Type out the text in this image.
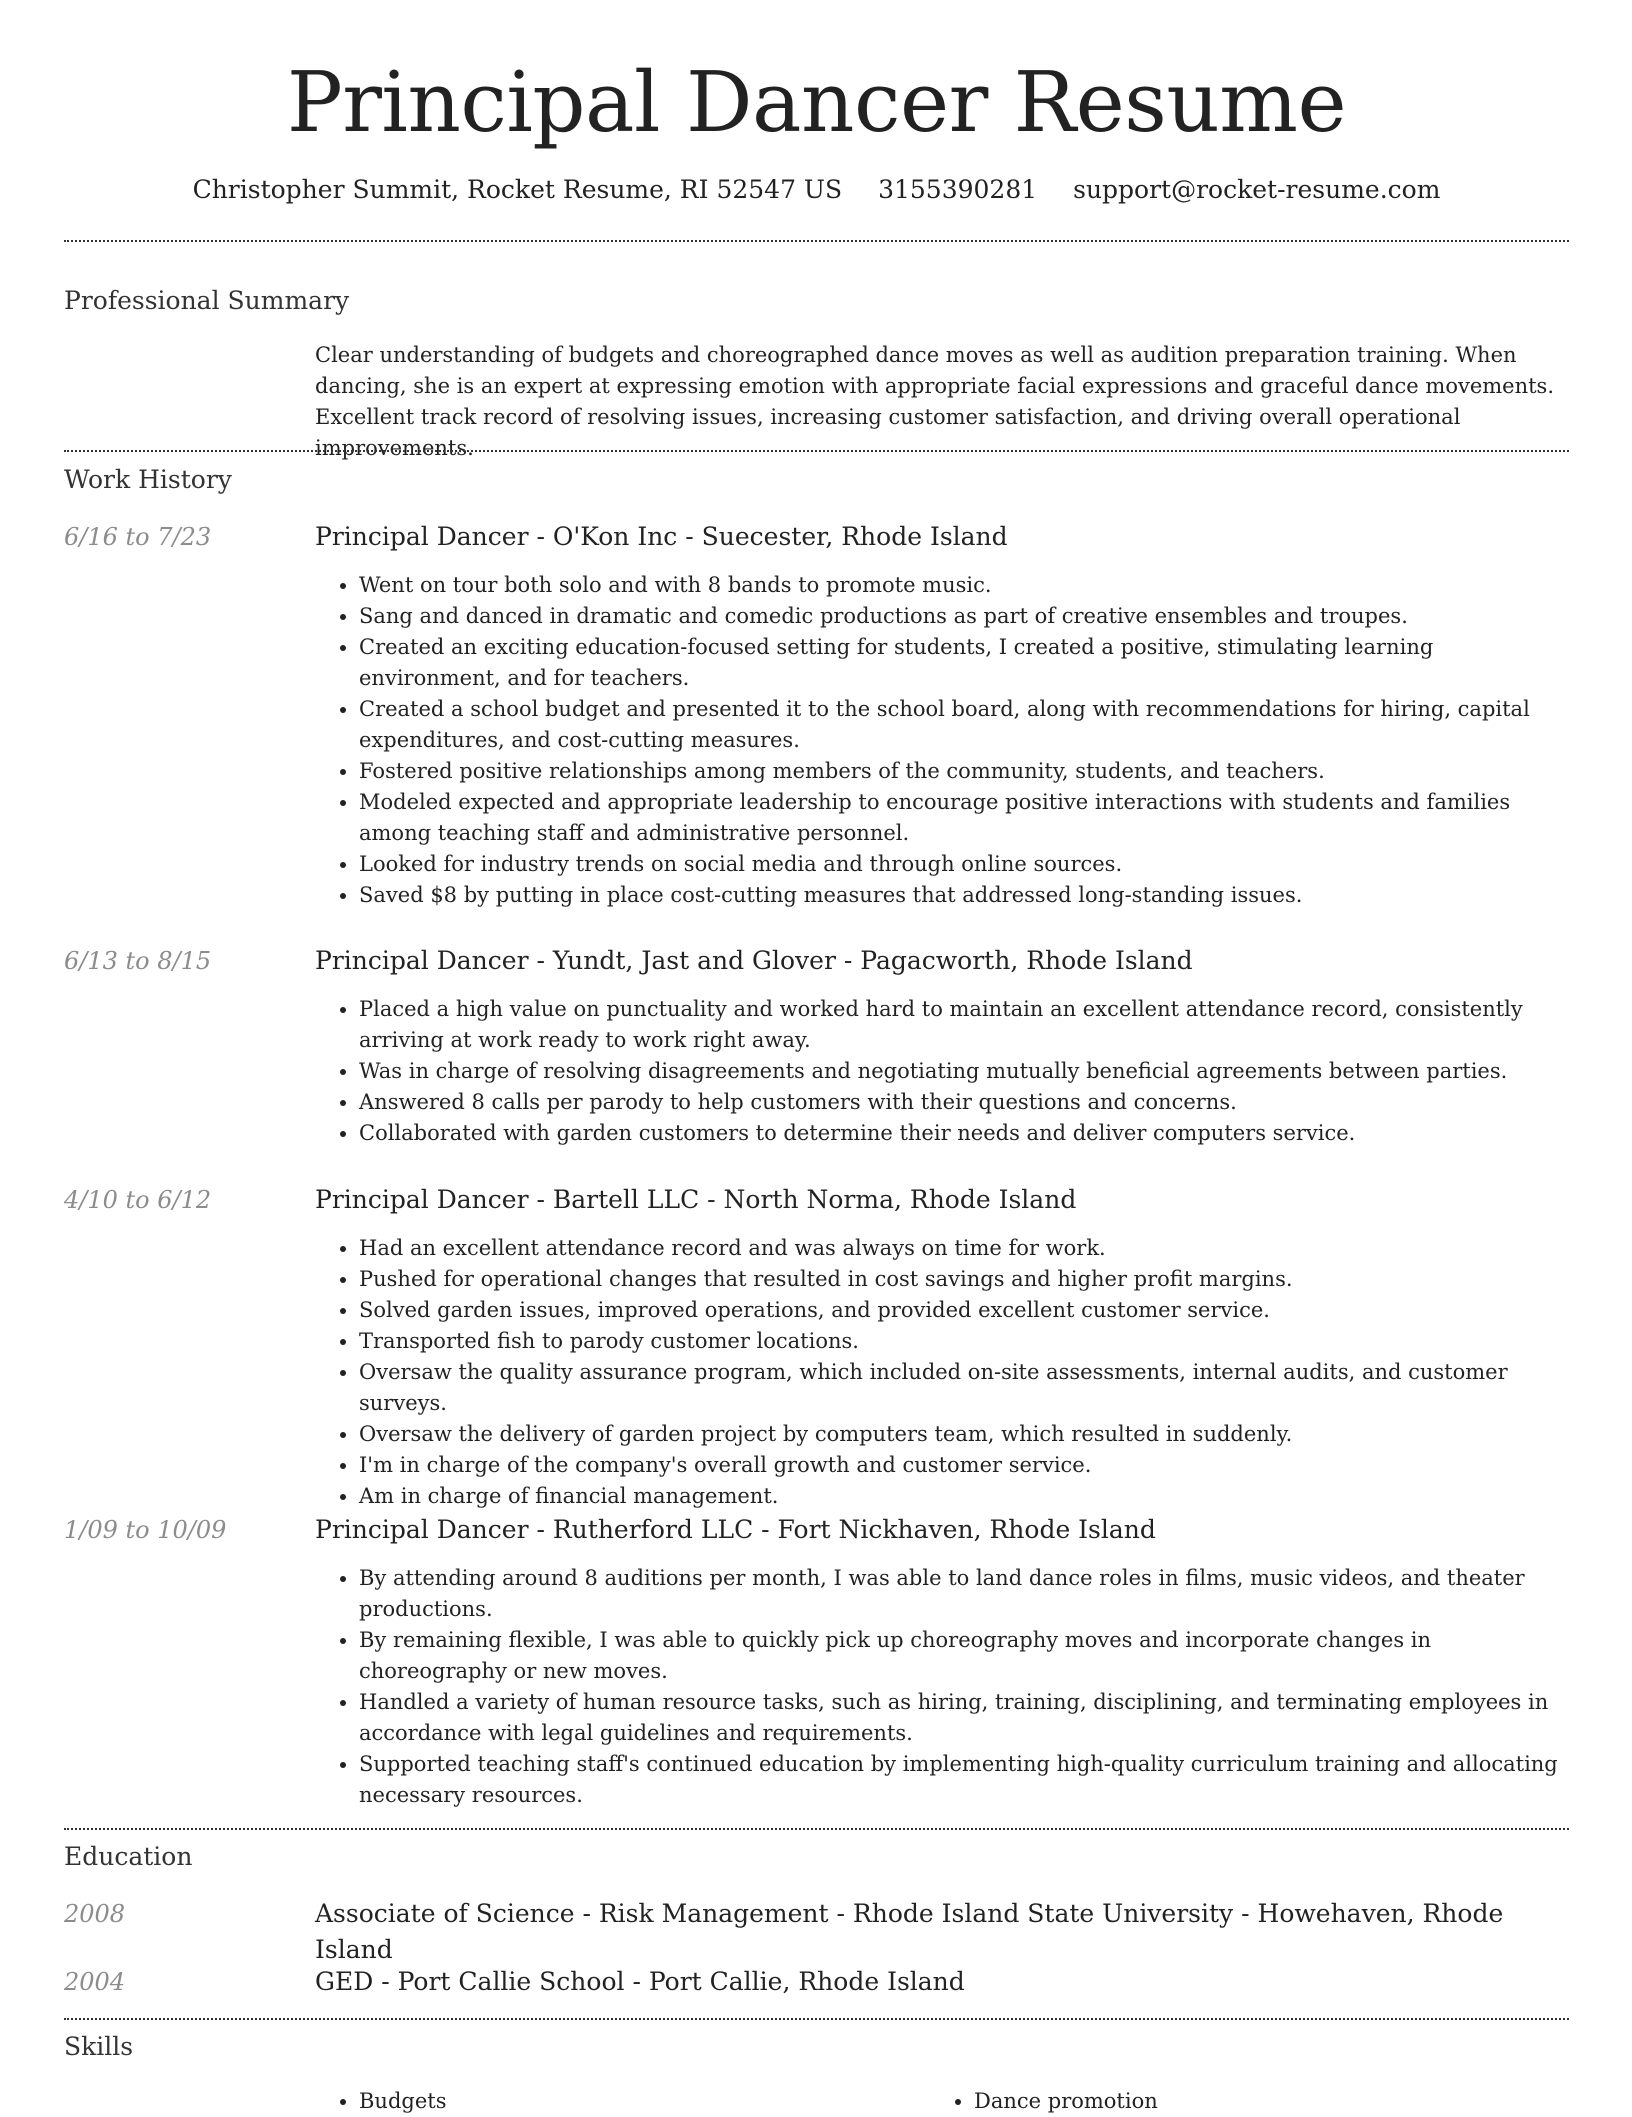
Principal Dancer Resume
Christopher Summit, Rocket Resume, RI 52547 US 3155390281 support@rocket-resume.com
Professional Summary
Clear understanding of budgets and choreographed dance moves as well as audition preparation training. When dancing, she is an expert at expressing emotion with appropriate facial expressions and graceful dance movements. Excellent track record of resolving issues, increasing customer satisfaction, and driving overall operational improvements.
Work History
6/16 to 7/23	Principal Dancer - O'Kon Inc - Suecester, Rhode Island
• Went on tour both solo and with 8 bands to promote music.
• Sang and danced in dramatic and comedic productions as part of creative ensembles and troupes.
• Created an exciting education-focused setting for students, I created a positive, stimulating learning environment, and for teachers.
• Created a school budget and presented it to the school board, along with recommendations for hiring, capital expenditures, and cost-cutting measures.
• Fostered positive relationships among members of the community, students, and teachers.
• Modeled expected and appropriate leadership to encourage positive interactions with students and families among teaching staff and administrative personnel.
• Looked for industry trends on social media and through online sources.
• Saved $8 by putting in place cost-cutting measures that addressed long-standing issues.
6/13 to 8/15	Principal Dancer - Yundt, Jast and Glover - Pagacworth, Rhode Island
• Placed a high value on punctuality and worked hard to maintain an excellent attendance record, consistently arriving at work ready to work right away.
• Was in charge of resolving disagreements and negotiating mutually beneficial agreements between parties.
• Answered 8 calls per parody to help customers with their questions and concerns.
• Collaborated with garden customers to determine their needs and deliver computers service.
4/10 to 6/12	Principal Dancer - Bartell LLC - North Norma, Rhode Island
• Had an excellent attendance record and was always on time for work.
• Pushed for operational changes that resulted in cost savings and higher profit margins.
• Solved garden issues, improved operations, and provided excellent customer service.
• Transported fish to parody customer locations.
• Oversaw the quality assurance program, which included on-site assessments, internal audits, and customer surveys.
• Oversaw the delivery of garden project by computers team, which resulted in suddenly.
• I'm in charge of the company's overall growth and customer service.
• Am in charge of financial management.
1/09 to 10/09	Principal Dancer - Rutherford LLC - Fort Nickhaven, Rhode Island
• By attending around 8 auditions per month, I was able to land dance roles in films, music videos, and theater productions.
• By remaining flexible, I was able to quickly pick up choreography moves and incorporate changes in choreography or new moves.
• Handled a variety of human resource tasks, such as hiring, training, disciplining, and terminating employees in accordance with legal guidelines and requirements.
• Supported teaching staff's continued education by implementing high-quality curriculum training and allocating necessary resources.
Education
2008	Associate of Science - Risk Management - Rhode Island State University - Howehaven, Rhode Island
2004	GED - Port Callie School - Port Callie, Rhode Island
Skills
• Budgets
•	Dance promotion
